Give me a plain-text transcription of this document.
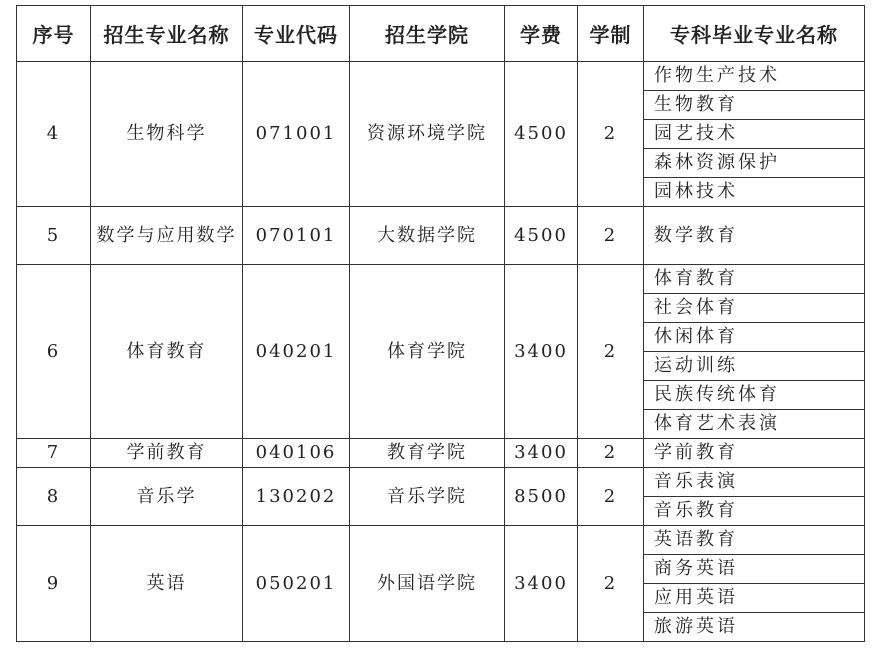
序号	招生专业名称	专业代码	招生学院	学费	学制	专科毕业专业名称
4	生物科学	071001	资源环境学院	4500	2	作物生产技术
						生物教育
						园艺技术
						森林资源保护
						园林技术
5	数学与应用数学	070101	大数据学院	4500	2	数学教育
6	体育教育	040201	体育学院	3400	2	体育教育
						社会体育
						休闲体育
						运动训练
						民族传统体育
						体育艺术表演
7	学前教育	040106	教育学院	3400	2	学前教育
8	音乐学	130202	音乐学院	8500	2	音乐表演
						音乐教育
9	英语	050201	外国语学院	3400	2	英语教育
						商务英语
						应用英语
						旅游英语
